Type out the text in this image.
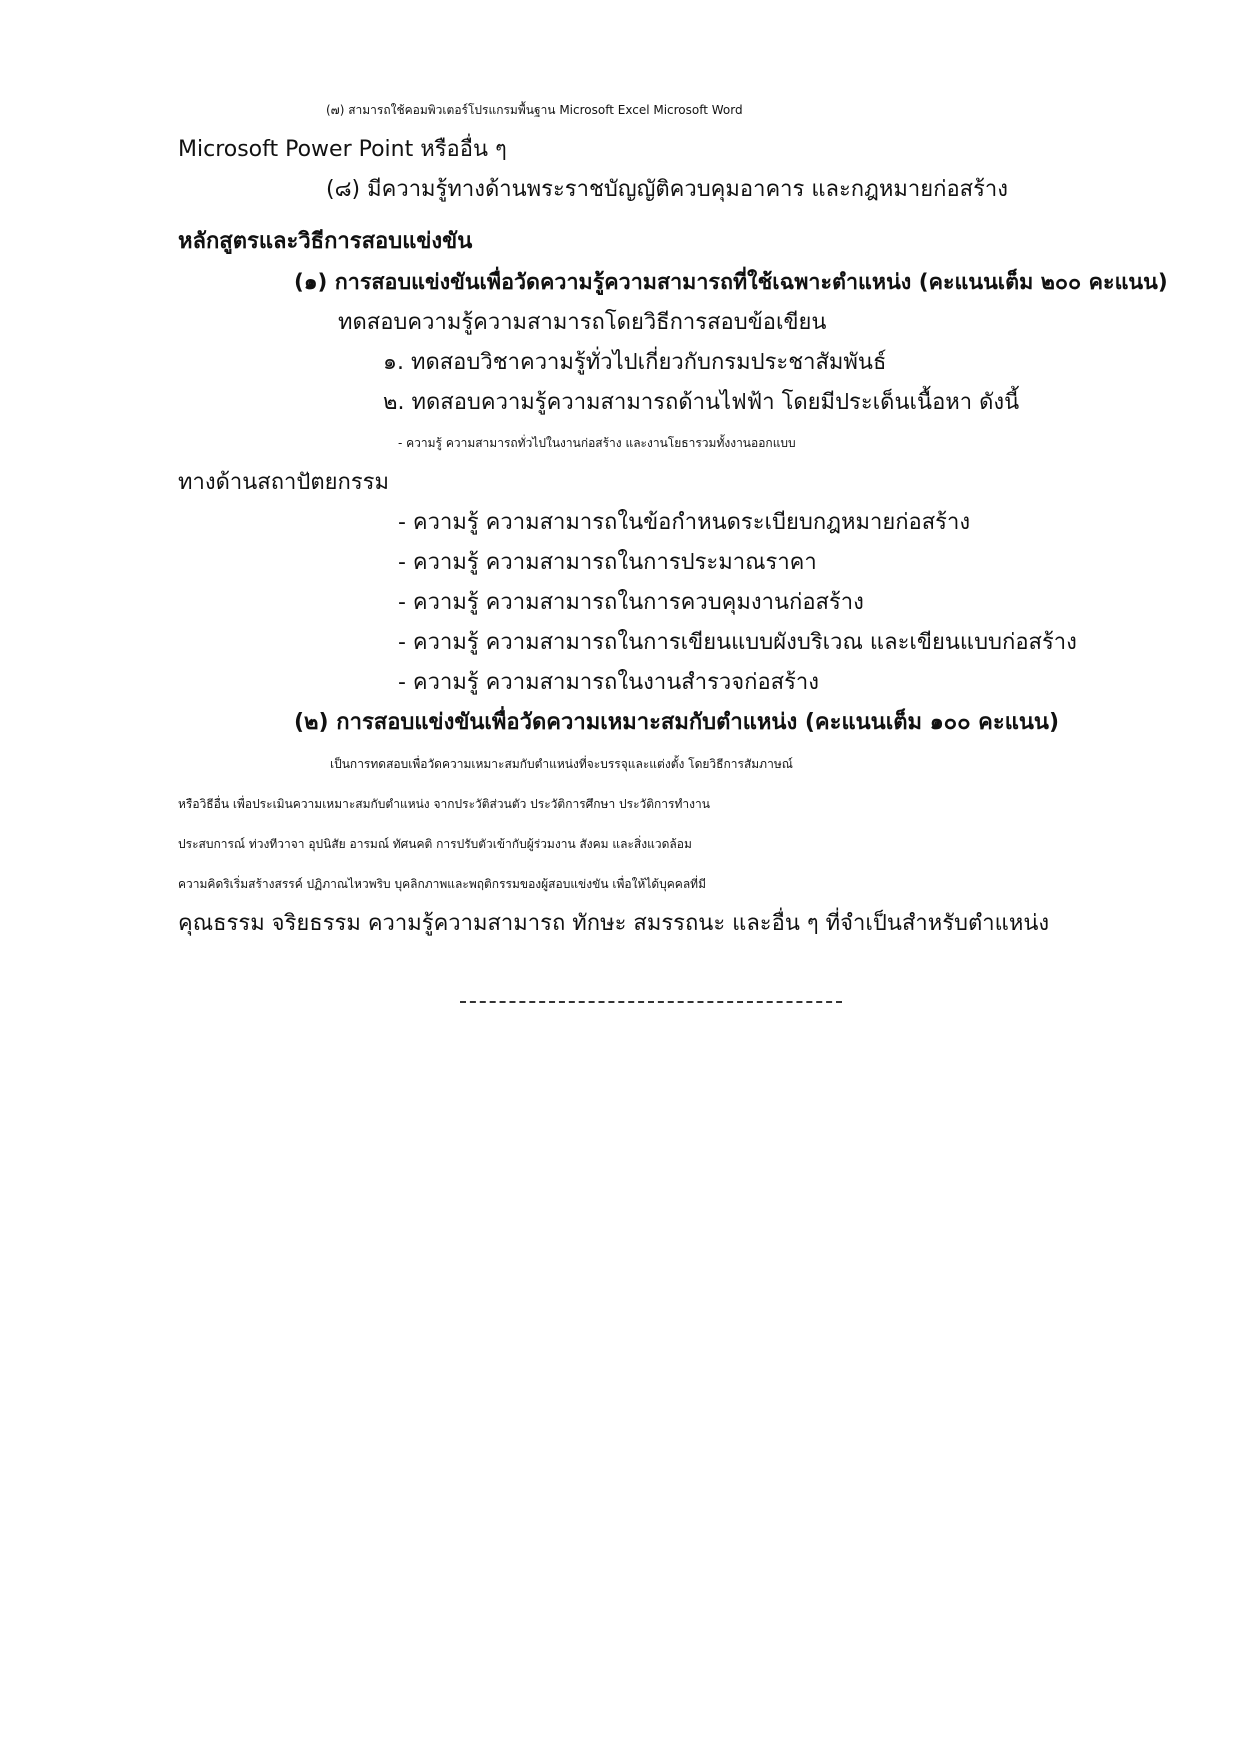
(๗) สามารถใช้คอมพิวเตอร์โปรแกรมพื้นฐาน Microsoft Excel Microsoft Word
Microsoft Power Point หรืออื่น ๆ
(๘) มีความรู้ทางด้านพระราชบัญญัติควบคุมอาคาร และกฎหมายก่อสร้าง
หลักสูตรและวิธีการสอบแข่งขัน
(๑) การสอบแข่งขันเพื่อวัดความรู้ความสามารถที่ใช้เฉพาะตำแหน่ง (คะแนนเต็ม ๒๐๐ คะแนน)
ทดสอบความรู้ความสามารถโดยวิธีการสอบข้อเขียน
๑. ทดสอบวิชาความรู้ทั่วไปเกี่ยวกับกรมประชาสัมพันธ์
๒. ทดสอบความรู้ความสามารถด้านไฟฟ้า โดยมีประเด็นเนื้อหา ดังนี้
- ความรู้ ความสามารถทั่วไปในงานก่อสร้าง และงานโยธารวมทั้งงานออกแบบ
ทางด้านสถาปัตยกรรม
- ความรู้ ความสามารถในข้อกำหนดระเบียบกฎหมายก่อสร้าง
- ความรู้ ความสามารถในการประมาณราคา
- ความรู้ ความสามารถในการควบคุมงานก่อสร้าง
- ความรู้ ความสามารถในการเขียนแบบผังบริเวณ และเขียนแบบก่อสร้าง
- ความรู้ ความสามารถในงานสำรวจก่อสร้าง
(๒) การสอบแข่งขันเพื่อวัดความเหมาะสมกับตำแหน่ง (คะแนนเต็ม ๑๐๐ คะแนน)
เป็นการทดสอบเพื่อวัดความเหมาะสมกับตำแหน่งที่จะบรรจุและแต่งตั้ง โดยวิธีการสัมภาษณ์
หรือวิธีอื่น เพื่อประเมินความเหมาะสมกับตำแหน่ง จากประวัติส่วนตัว ประวัติการศึกษา ประวัติการทำงาน
ประสบการณ์ ท่วงทีวาจา อุปนิสัย อารมณ์ ทัศนคติ การปรับตัวเข้ากับผู้ร่วมงาน สังคม และสิ่งแวดล้อม
ความคิดริเริ่มสร้างสรรค์ ปฏิภาณไหวพริบ บุคลิกภาพและพฤติกรรมของผู้สอบแข่งขัน เพื่อให้ได้บุคคลที่มี
คุณธรรม จริยธรรม ความรู้ความสามารถ ทักษะ สมรรถนะ และอื่น ๆ ที่จำเป็นสำหรับตำแหน่ง
